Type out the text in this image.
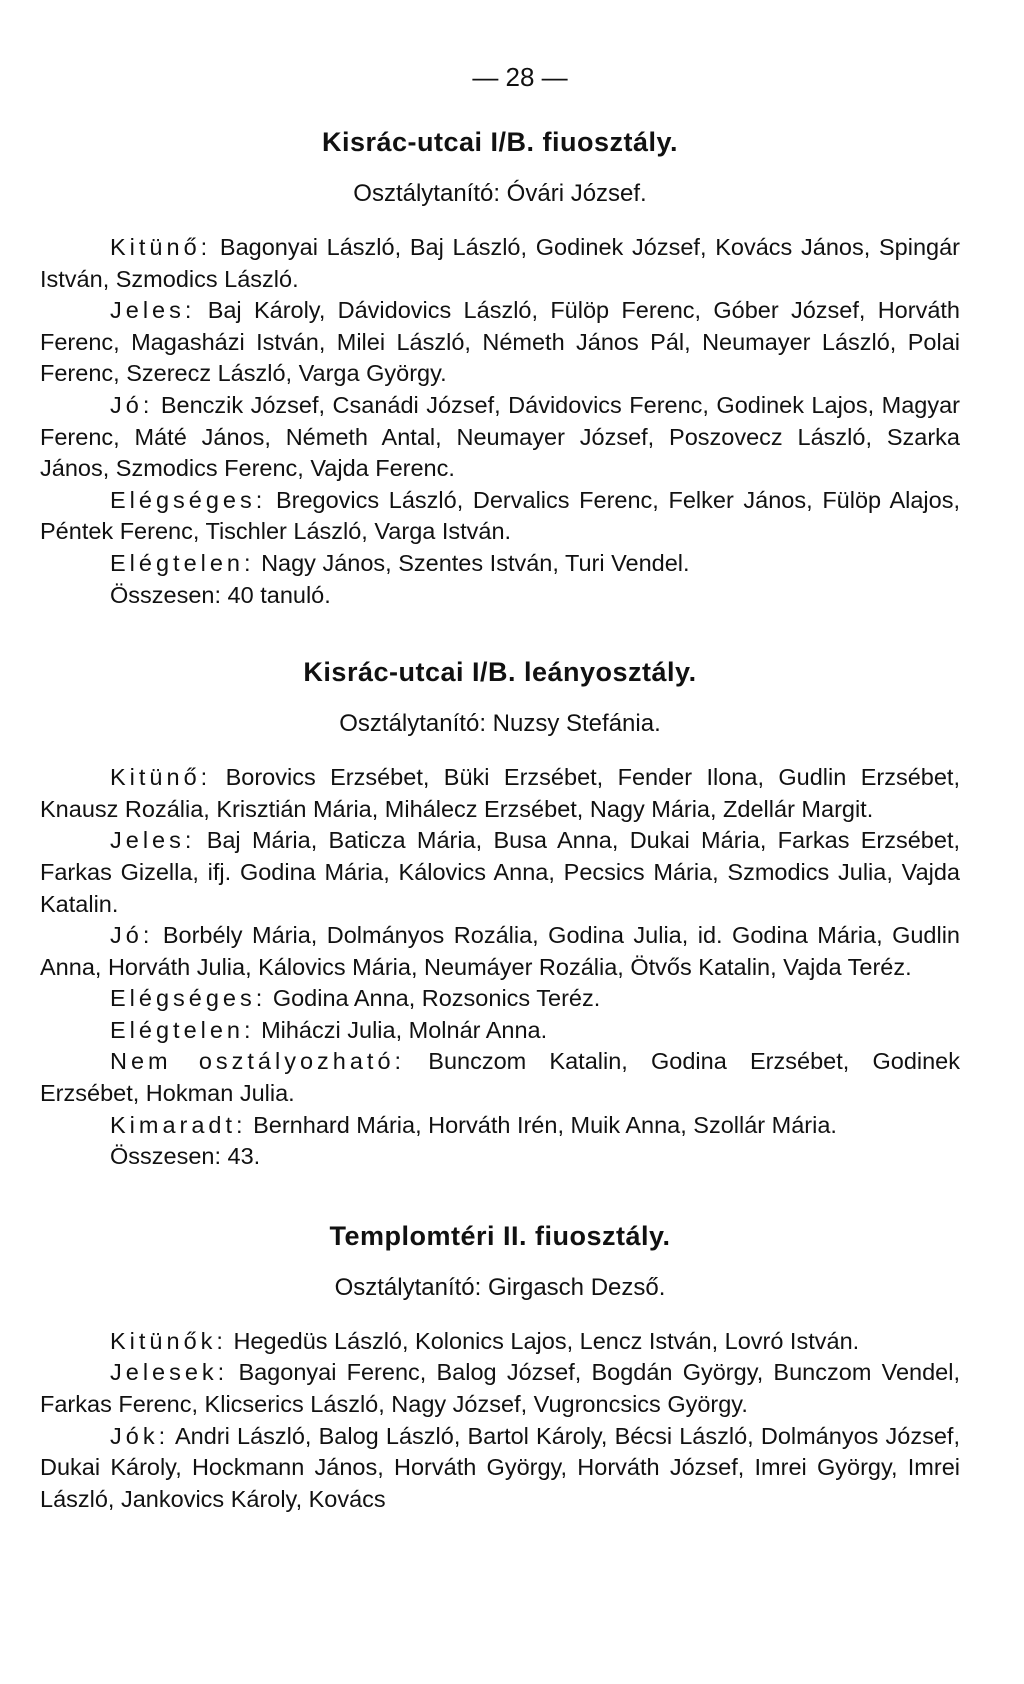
— 28 —
Kisrác-utcai I/B. fiuosztály.
Osztálytanító: Óvári József.

Kitünő: Bagonyai László, Baj László, Godinek József, Kovács János, Spingár István, Szmodics László.

Jeles: Baj Károly, Dávidovics László, Fülöp Ferenc, Góber József, Horváth Ferenc, Magasházi István, Milei László, Németh János Pál, Neumayer László, Polai Ferenc, Szerecz László, Varga György.

Jó: Benczik József, Csanádi József, Dávidovics Ferenc, Godinek Lajos, Magyar Ferenc, Máté János, Németh Antal, Neumayer József, Poszovecz László, Szarka János, Szmodics Ferenc, Vajda Ferenc.

Elégséges: Bregovics László, Dervalics Ferenc, Felker János, Fülöp Alajos, Péntek Ferenc, Tischler László, Varga István.

Elégtelen: Nagy János, Szentes István, Turi Vendel.

Összesen: 40 tanuló.

Kisrác-utcai I/B. leányosztály.
Osztálytanító: Nuzsy Stefánia.

Kitünő: Borovics Erzsébet, Büki Erzsébet, Fender Ilona, Gudlin Erzsébet, Knausz Rozália, Krisztián Mária, Mihálecz Erzsébet, Nagy Mária, Zdellár Margit.

Jeles: Baj Mária, Baticza Mária, Busa Anna, Dukai Mária, Farkas Erzsébet, Farkas Gizella, ifj. Godina Mária, Kálovics Anna, Pecsics Mária, Szmodics Julia, Vajda Katalin.

Jó: Borbély Mária, Dolmányos Rozália, Godina Julia, id. Godina Mária, Gudlin Anna, Horváth Julia, Kálovics Mária, Neumáyer Rozália, Ötvős Katalin, Vajda Teréz.

Elégséges: Godina Anna, Rozsonics Teréz.

Elégtelen: Miháczi Julia, Molnár Anna.

Nem osztályozható: Bunczom Katalin, Godina Erzsébet, Godinek Erzsébet, Hokman Julia.

Kimaradt: Bernhard Mária, Horváth Irén, Muik Anna, Szollár Mária.

Összesen: 43.

Templomtéri II. fiuosztály.
Osztálytanító: Girgasch Dezső.

Kitünők: Hegedüs László, Kolonics Lajos, Lencz István, Lovró István.

Jelesek: Bagonyai Ferenc, Balog József, Bogdán György, Bunczom Vendel, Farkas Ferenc, Klicserics László, Nagy József, Vugroncsics György.

Jók: Andri László, Balog László, Bartol Károly, Bécsi László, Dolmányos József, Dukai Károly, Hockmann János, Horváth György, Horváth József, Imrei György, Imrei László, Jankovics Károly, Kovács
